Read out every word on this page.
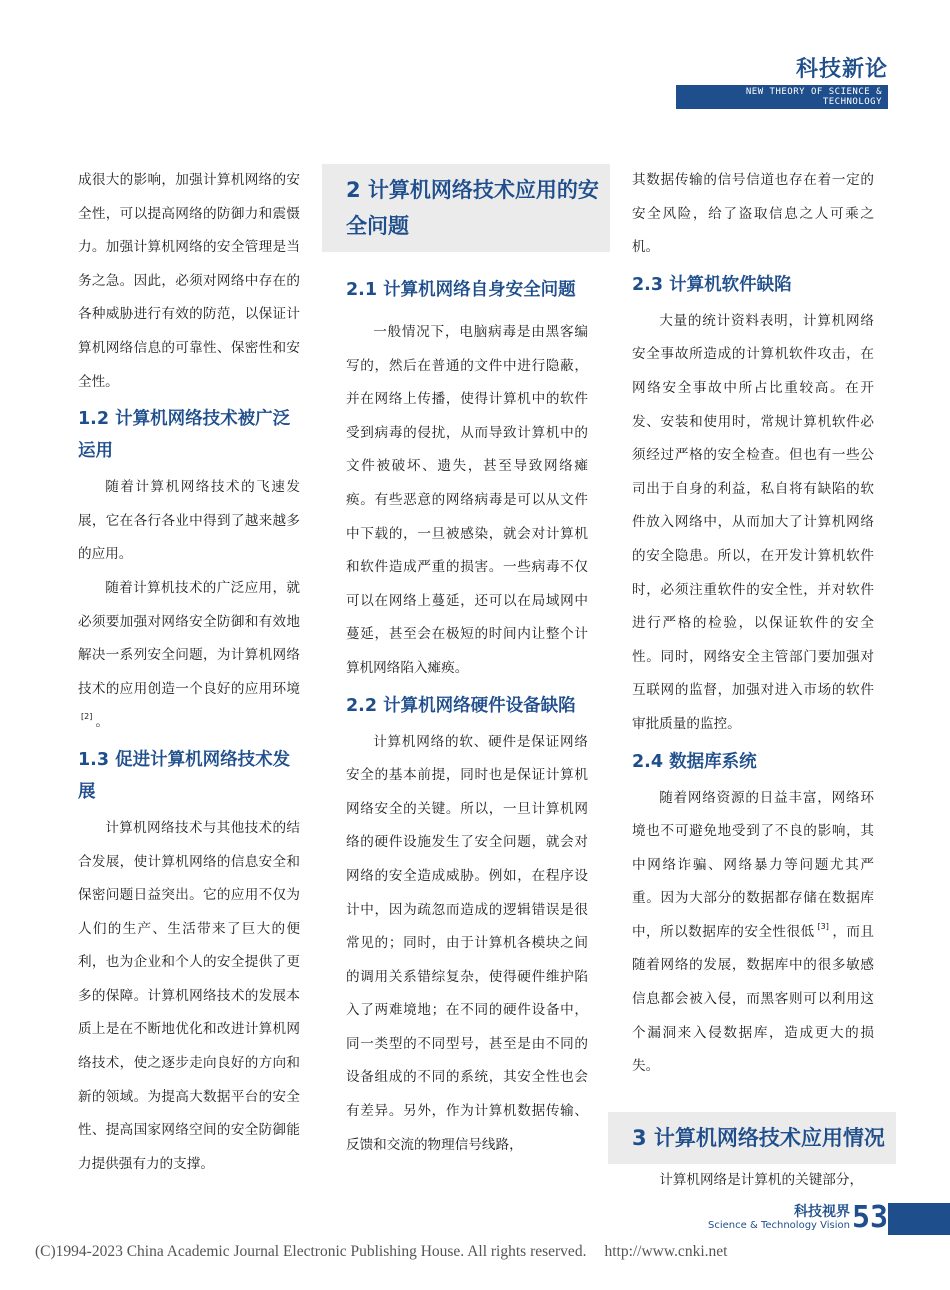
科技新论
NEW THEORY OF SCIENCE & TECHNOLOGY

成很大的影响，加强计算机网络的安全性，可以提高网络的防御力和震慑力。加强计算机网络的安全管理是当务之急。因此，必须对网络中存在的各种威胁进行有效的防范，以保证计算机网络信息的可靠性、保密性和安全性。

1.2 计算机网络技术被广泛运用

随着计算机网络技术的飞速发展，它在各行各业中得到了越来越多的应用。

随着计算机技术的广泛应用，就必须要加强对网络安全防御和有效地解决一系列安全问题，为计算机网络技术的应用创造一个良好的应用环境[2] 。

1.3 促进计算机网络技术发展

计算机网络技术与其他技术的结合发展，使计算机网络的信息安全和保密问题日益突出。它的应用不仅为人们的生产、生活带来了巨大的便利，也为企业和个人的安全提供了更多的保障。计算机网络技术的发展本质上是在不断地优化和改进计算机网络技术，使之逐步走向良好的方向和新的领域。为提高大数据平台的安全性、提高国家网络空间的安全防御能力提供强有力的支撑。

2 计算机网络技术应用的安全问题
2.1 计算机网络自身安全问题

一般情况下，电脑病毒是由黑客编写的，然后在普通的文件中进行隐蔽，并在网络上传播，使得计算机中的软件受到病毒的侵扰，从而导致计算机中的文件被破坏、遗失，甚至导致网络瘫痪。有些恶意的网络病毒是可以从文件中下载的，一旦被感染，就会对计算机和软件造成严重的损害。一些病毒不仅可以在网络上蔓延，还可以在局域网中蔓延，甚至会在极短的时间内让整个计算机网络陷入瘫痪。

2.2 计算机网络硬件设备缺陷

计算机网络的软、硬件是保证网络安全的基本前提，同时也是保证计算机网络安全的关键。所以，一旦计算机网络的硬件设施发生了安全问题，就会对网络的安全造成威胁。例如，在程序设计中，因为疏忽而造成的逻辑错误是很常见的；同时，由于计算机各模块之间的调用关系错综复杂，使得硬件维护陷入了两难境地；在不同的硬件设备中，同一类型的不同型号，甚至是由不同的设备组成的不同的系统，其安全性也会有差异。另外，作为计算机数据传输、反馈和交流的物理信号线路，

其数据传输的信号信道也存在着一定的安全风险，给了盗取信息之人可乘之机。

2.3 计算机软件缺陷

大量的统计资料表明，计算机网络安全事故所造成的计算机软件攻击，在网络安全事故中所占比重较高。在开发、安装和使用时，常规计算机软件必须经过严格的安全检查。但也有一些公司出于自身的利益，私自将有缺陷的软件放入网络中，从而加大了计算机网络的安全隐患。所以，在开发计算机软件时，必须注重软件的安全性，并对软件进行严格的检验，以保证软件的安全性。同时，网络安全主管部门要加强对互联网的监督，加强对进入市场的软件审批质量的监控。

2.4 数据库系统

随着网络资源的日益丰富，网络环境也不可避免地受到了不良的影响，其中网络诈骗、网络暴力等问题尤其严重。因为大部分的数据都存储在数据库中，所以数据库的安全性很低 [3] ，而且随着网络的发展，数据库中的很多敏感信息都会被入侵，而黑客则可以利用这个漏洞来入侵数据库，造成更大的损失。

3 计算机网络技术应用情况

计算机网络是计算机的关键部分，

科技视界
Science & Technology Vision 53
(C)1994-2023 China Academic Journal Electronic Publishing House. All rights reserved. http://www.cnki.net
